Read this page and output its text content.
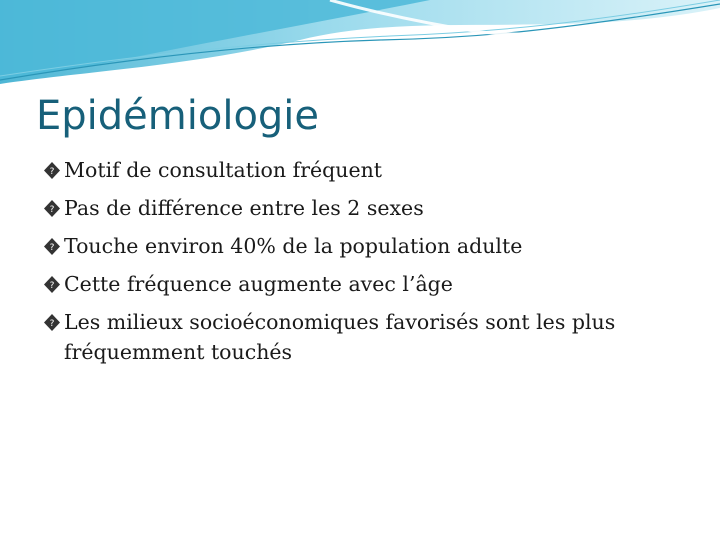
Epidémiologie
? Motif de consultation fréquent
? Pas de différence entre les 2 sexes
? Touche environ 40% de la population adulte
? Cette fréquence augmente avec l’âge
? Les milieux socioéconomiques favorisés sont les plus fréquemment touchés
